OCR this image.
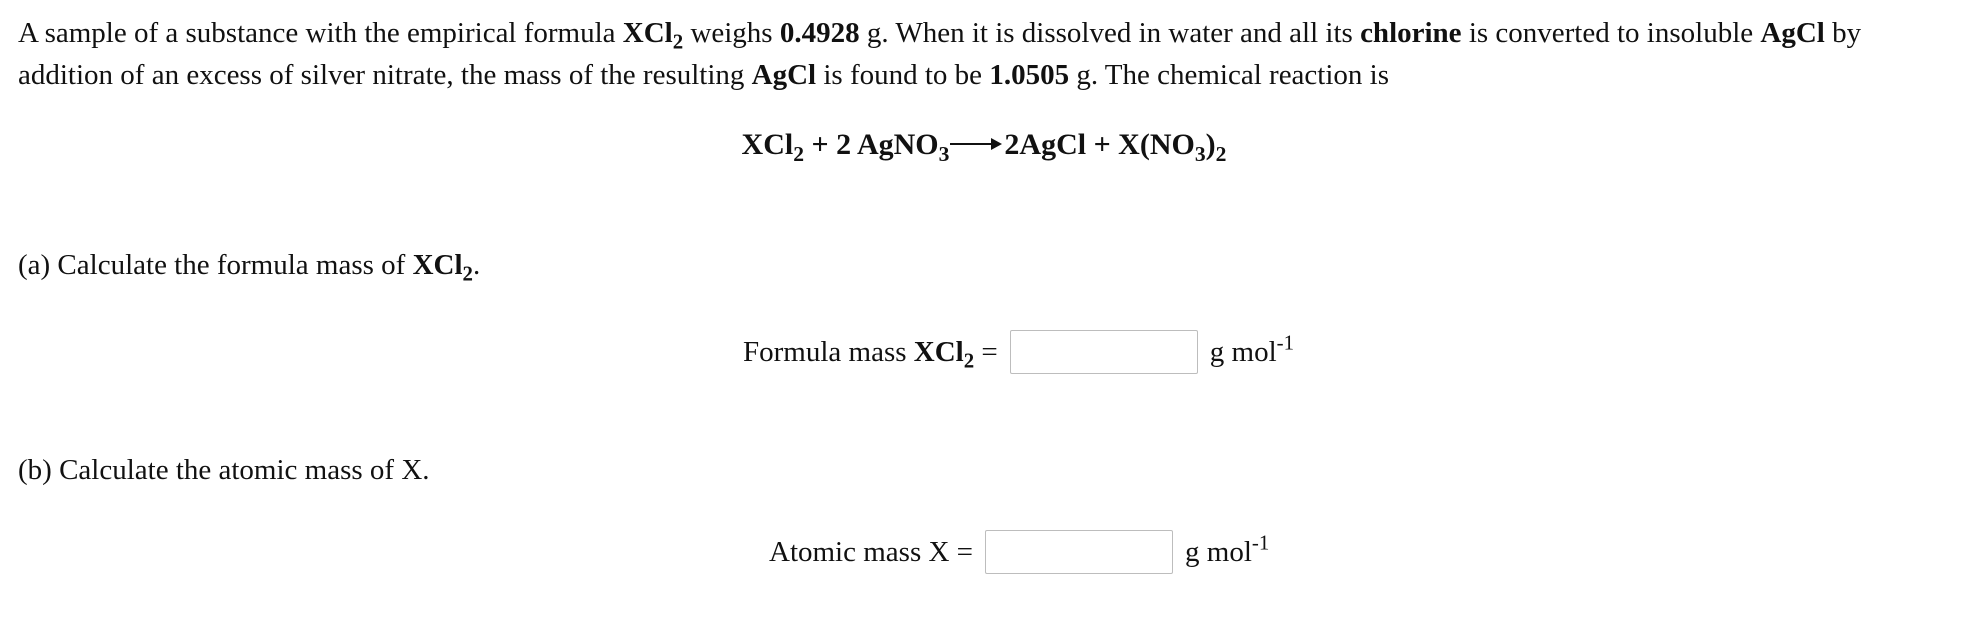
A sample of a substance with the empirical formula XCl$_2$ weighs 0.4928 g. When it is dissolved in water and all its chlorine is converted to insoluble AgCl by addition of an excess of silver nitrate, the mass of the resulting AgCl is found to be 1.0505 g. The chemical reaction is
XCl$_2$ + 2 AgNO$_3$ 2AgCl + $X(NO_3)_2$
(a) Calculate the formula mass of XCl$_2$.
Formula mass XCl$_2$ =	g mol$^{-1}$
(b) Calculate the atomic mass of X.
Atomic mass X =	g mol$^{-1}$
